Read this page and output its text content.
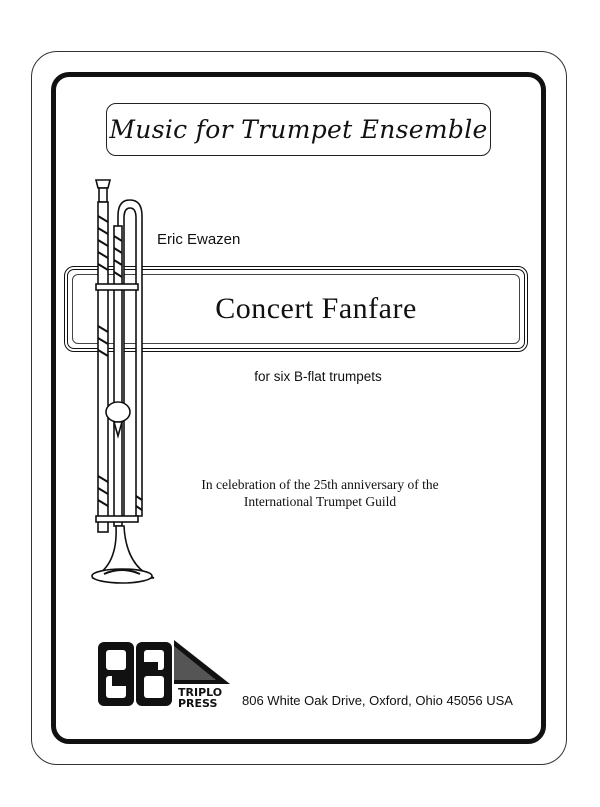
Music for Trumpet Ensemble
Concert Fanfare
Eric Ewazen
for six B-flat trumpets
In celebration of the 25th anniversary of the
International Trumpet Guild
TRIPLO
PRESS 806 White Oak Drive, Oxford, Ohio 45056 USA
